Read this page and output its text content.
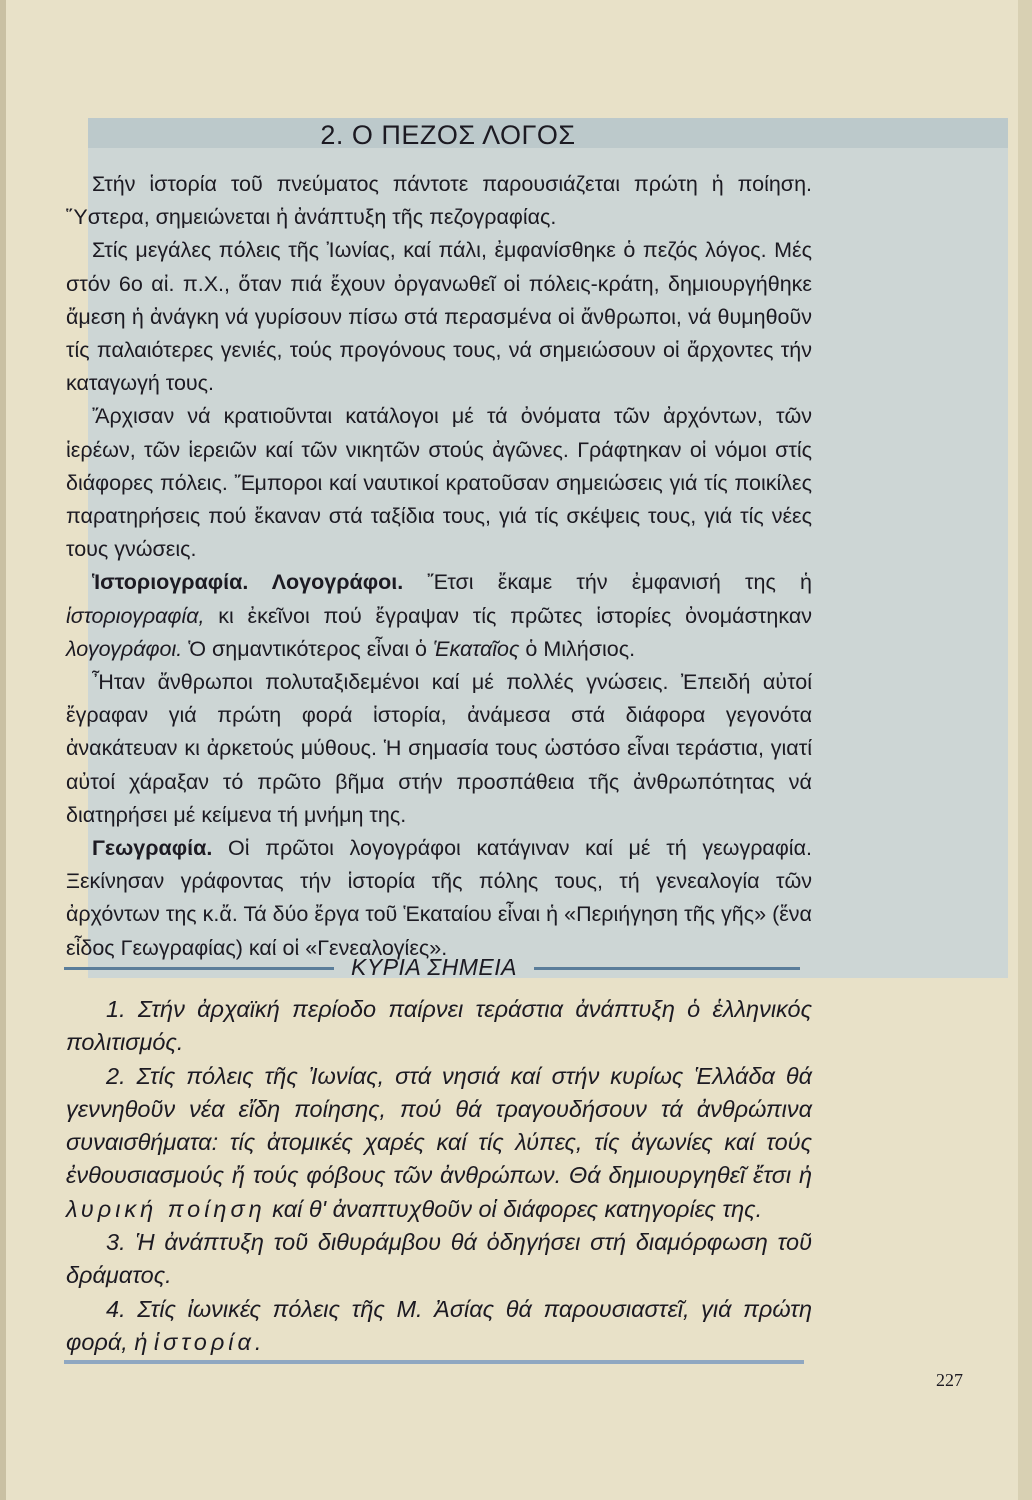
2. Ο ΠΕΖΟΣ ΛΟΓΟΣ

Στήν ἱστορία τοῦ πνεύματος πάντοτε παρουσιάζεται πρώτη ἡ ποίηση. Ὕστερα, σημειώνεται ἡ ἀνάπτυξη τῆς πεζογραφίας.

Στίς μεγάλες πόλεις τῆς Ἰωνίας, καί πάλι, ἐμφανίσθηκε ὁ πεζός λόγος. Μές στόν 6ο αἰ. π.Χ., ὅταν πιά ἔχουν ὀργανωθεῖ οἱ πόλεις-κράτη, δημιουργήθηκε ἄμεση ἡ ἀνάγκη νά γυρίσουν πίσω στά περασμένα οἱ ἄνθρωποι, νά θυμηθοῦν τίς παλαιότερες γενιές, τούς προγόνους τους, νά σημειώσουν οἱ ἄρχοντες τήν καταγωγή τους.

Ἄρχισαν νά κρατιοῦνται κατάλογοι μέ τά ὀνόματα τῶν ἀρχόντων, τῶν ἱερέων, τῶν ἱερειῶν καί τῶν νικητῶν στούς ἀγῶνες. Γράφτηκαν οἱ νόμοι στίς διάφορες πόλεις. Ἔμποροι καί ναυτικοί κρατοῦσαν σημειώσεις γιά τίς ποικίλες παρατηρήσεις πού ἔκαναν στά ταξίδια τους, γιά τίς σκέψεις τους, γιά τίς νέες τους γνώσεις.

Ἱστοριογραφία. Λογογράφοι. Ἔτσι ἔκαμε τήν ἐμφανισή της ἡ ἱστοριογραφία, κι ἐκεῖνοι πού ἔγραψαν τίς πρῶτες ἱστορίες ὀνομάστηκαν λογογράφοι. Ὁ σημαντικότερος εἶναι ὁ Ἑκαταῖος ὁ Μιλήσιος.

Ἦταν ἄνθρωποι πολυταξιδεμένοι καί μέ πολλές γνώσεις. Ἐπειδή αὐτοί ἔγραφαν γιά πρώτη φορά ἱστορία, ἀνάμεσα στά διάφορα γεγονότα ἀνακάτευαν κι ἀρκετούς μύθους. Ἡ σημασία τους ὡστόσο εἶναι τεράστια, γιατί αὐτοί χάραξαν τό πρῶτο βῆμα στήν προσπάθεια τῆς ἀνθρωπότητας νά διατηρήσει μέ κείμενα τή μνήμη της.

Γεωγραφία. Οἱ πρῶτοι λογογράφοι κατάγιναν καί μέ τή γεωγραφία. Ξεκίνησαν γράφοντας τήν ἱστορία τῆς πόλης τους, τή γενεαλογία τῶν ἀρχόντων της κ.ἄ. Τά δύο ἔργα τοῦ Ἑκαταίου εἶναι ἡ «Περιήγηση τῆς γῆς» (ἕνα εἶδος Γεωγραφίας) καί οἱ «Γενεαλογίες».

ΚΥΡΙΑ ΣΗΜΕΙΑ

1. Στήν ἀρχαϊκή περίοδο παίρνει τεράστια ἀνάπτυξη ὁ ἑλληνικός πολιτισμός.

2. Στίς πόλεις τῆς Ἰωνίας, στά νησιά καί στήν κυρίως Ἑλλάδα θά γεννηθοῦν νέα εἴδη ποίησης, πού θά τραγουδήσουν τά ἀνθρώπινα συναισθήματα: τίς ἀτομικές χαρές καί τίς λύπες, τίς ἀγωνίες καί τούς ἐνθουσιασμούς ἤ τούς φόβους τῶν ἀνθρώπων. Θά δημιουργηθεῖ ἔτσι ἡ λυρική ποίηση καί θ' ἀναπτυχθοῦν οἱ διάφορες κατηγορίες της.

3. Ἡ ἀνάπτυξη τοῦ διθυράμβου θά ὁδηγήσει στή διαμόρφωση τοῦ δράματος.

4. Στίς ἰωνικές πόλεις τῆς Μ. Ἀσίας θά παρουσιαστεῖ, γιά πρώτη φορά, ἡ ἱστορία.

227
